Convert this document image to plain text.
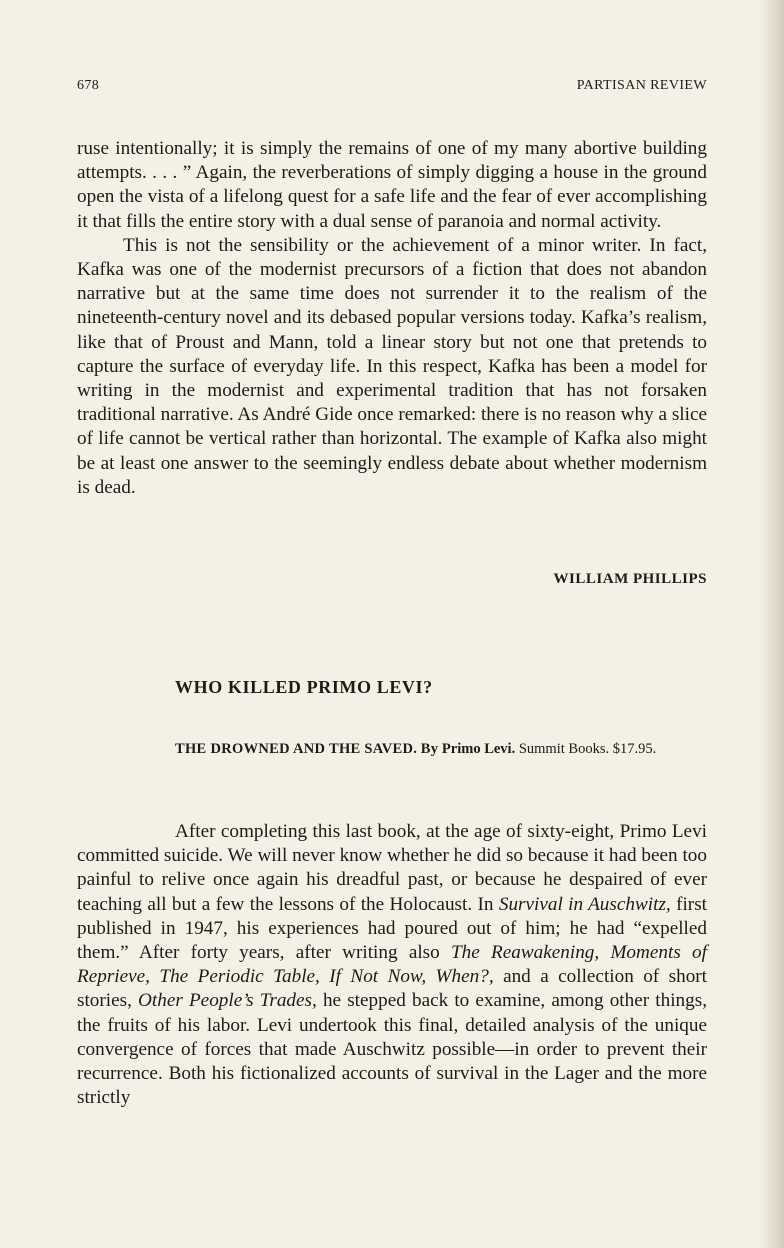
678	PARTISAN REVIEW

ruse intentionally; it is simply the remains of one of my many abortive building attempts. . . . ” Again, the reverberations of simply digging a house in the ground open the vista of a lifelong quest for a safe life and the fear of ever accomplishing it that fills the entire story with a dual sense of paranoia and normal activity.

This is not the sensibility or the achievement of a minor writer. In fact, Kafka was one of the modernist precursors of a fiction that does not abandon narrative but at the same time does not surrender it to the realism of the nineteenth-century novel and its debased popular versions today. Kafka’s realism, like that of Proust and Mann, told a linear story but not one that pretends to capture the surface of everyday life. In this respect, Kafka has been a model for writing in the modernist and experimental tradition that has not forsaken traditional narrative. As André Gide once remarked: there is no reason why a slice of life cannot be vertical rather than horizontal. The example of Kafka also might be at least one answer to the seemingly endless debate about whether modernism is dead.

WILLIAM PHILLIPS
WHO KILLED PRIMO LEVI?
THE DROWNED AND THE SAVED. By Primo Levi. Summit Books. $17.95.

After completing this last book, at the age of sixty-eight, Primo Levi committed suicide. We will never know whether he did so because it had been too painful to relive once again his dreadful past, or because he despaired of ever teaching all but a few the lessons of the Holocaust. In Survival in Auschwitz, first published in 1947, his experiences had poured out of him; he had “expelled them.” After forty years, after writing also The Reawakening, Moments of Reprieve, The Periodic Table, If Not Now, When?, and a collection of short stories, Other People’s Trades, he stepped back to examine, among other things, the fruits of his labor. Levi undertook this final, detailed analysis of the unique convergence of forces that made Auschwitz possible—in order to prevent their recurrence. Both his fictionalized accounts of survival in the Lager and the more strictly
